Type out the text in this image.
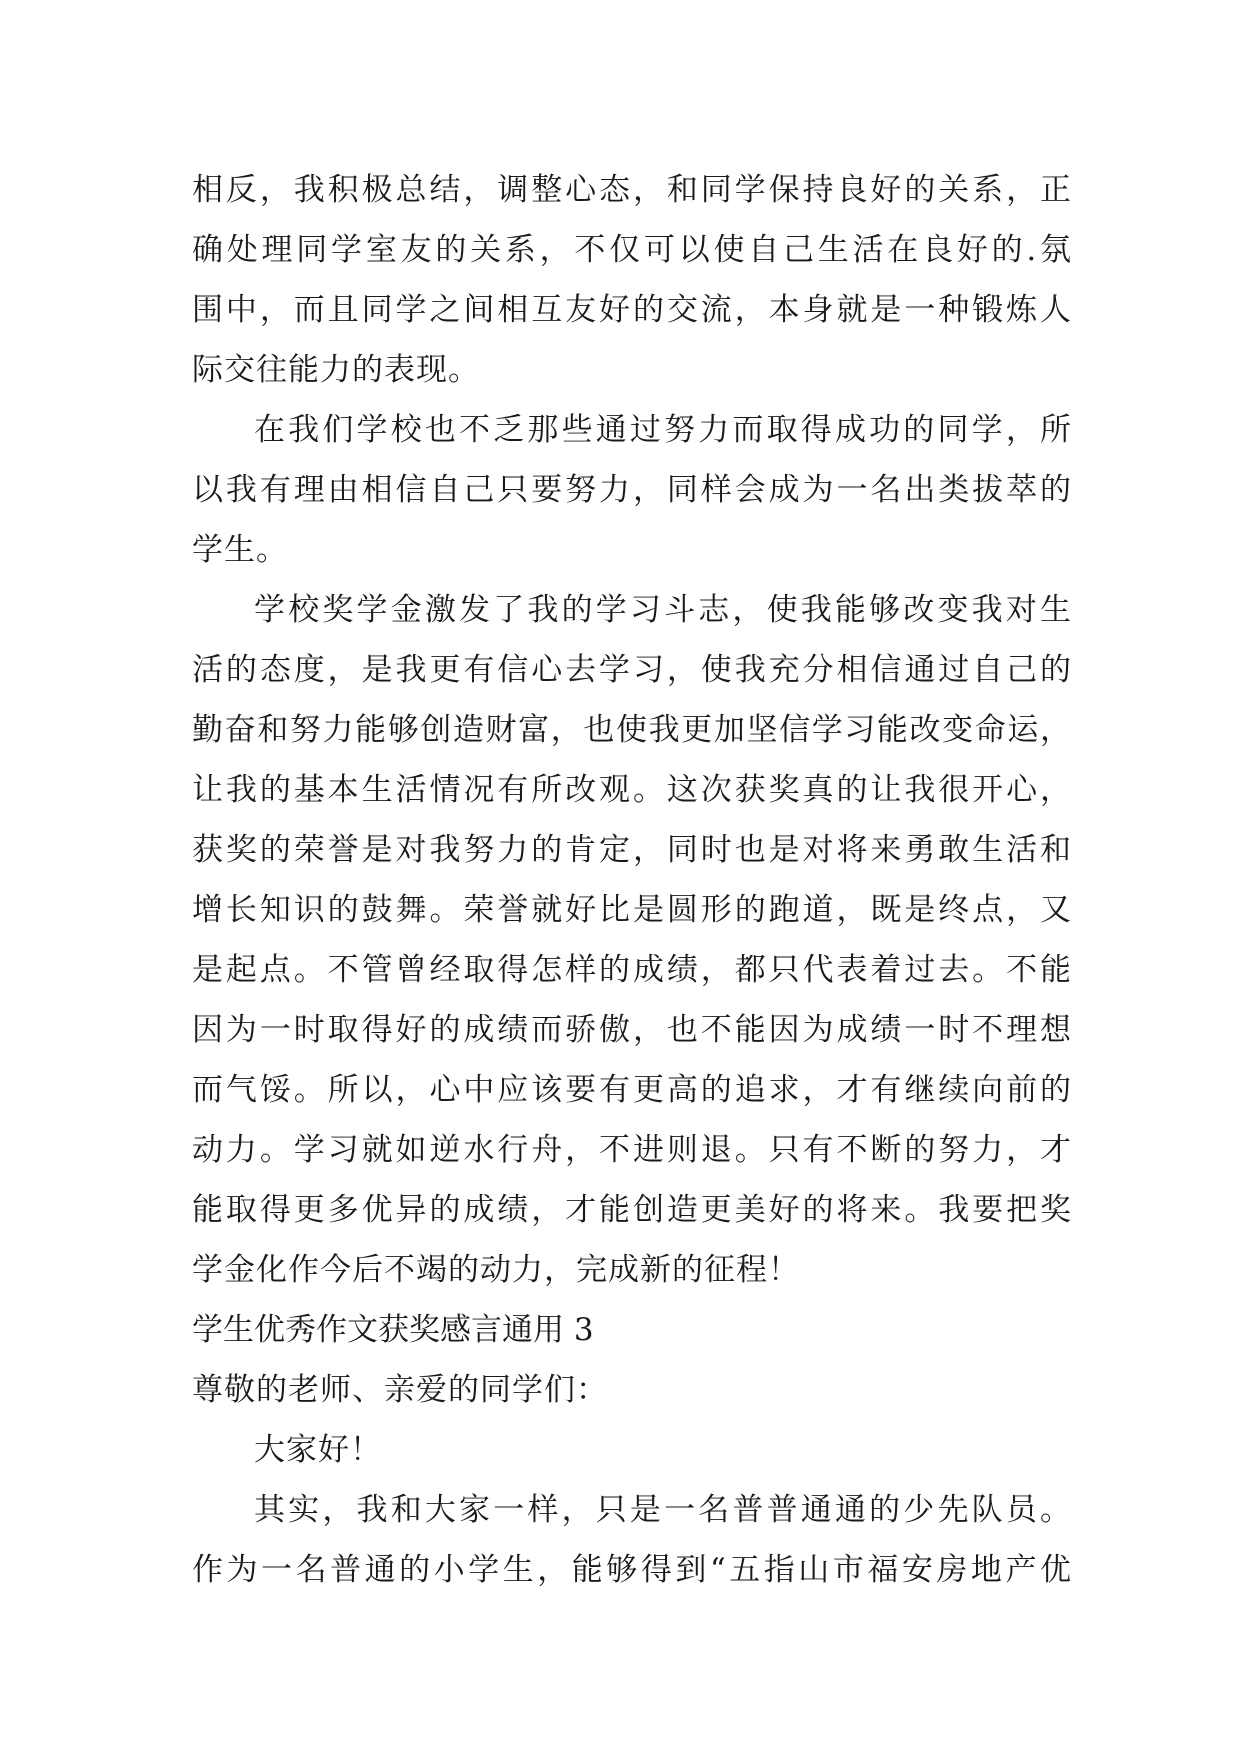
相反，我积极总结，调整心态，和同学保持良好的关系，正
确处理同学室友的关系，不仅可以使自己生活在良好的.氛
围中，而且同学之间相互友好的交流，本身就是一种锻炼人
际交往能力的表现。
在我们学校也不乏那些通过努力而取得成功的同学，所
以我有理由相信自己只要努力，同样会成为一名出类拔萃的
学生。
学校奖学金激发了我的学习斗志，使我能够改变我对生
活的态度，是我更有信心去学习，使我充分相信通过自己的
勤奋和努力能够创造财富，也使我更加坚信学习能改变命运，
让我的基本生活情况有所改观。这次获奖真的让我很开心，
获奖的荣誉是对我努力的肯定，同时也是对将来勇敢生活和
增长知识的鼓舞。荣誉就好比是圆形的跑道，既是终点，又
是起点。不管曾经取得怎样的成绩，都只代表着过去。不能
因为一时取得好的成绩而骄傲，也不能因为成绩一时不理想
而气馁。所以，心中应该要有更高的追求，才有继续向前的
动力。学习就如逆水行舟，不进则退。只有不断的努力，才
能取得更多优异的成绩，才能创造更美好的将来。我要把奖
学金化作今后不竭的动力，完成新的征程！
学生优秀作文获奖感言通用 3
尊敬的老师、亲爱的同学们：
大家好！
其实，我和大家一样，只是一名普普通通的少先队员。
作为一名普通的小学生，能够得到“五指山市福安房地产优
